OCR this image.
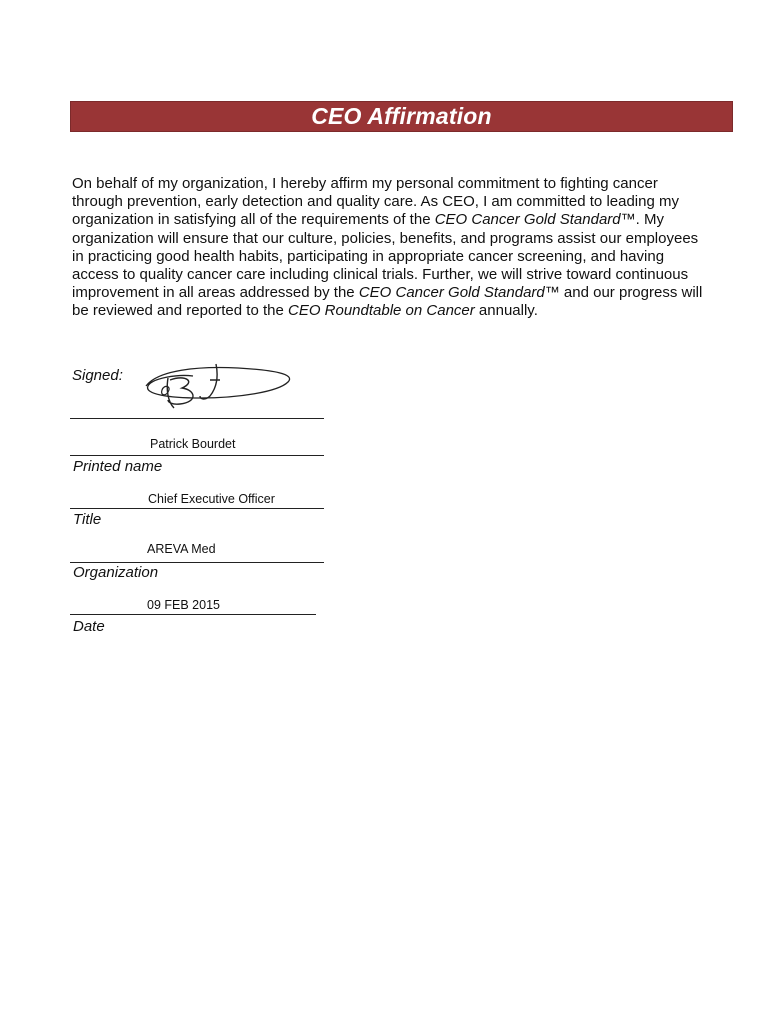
CEO Affirmation

On behalf of my organization, I hereby affirm my personal commitment to fighting cancer through prevention, early detection and quality care. As CEO, I am committed to leading my organization in satisfying all of the requirements of the CEO Cancer Gold Standard™. My organization will ensure that our culture, policies, benefits, and programs assist our employees in practicing good health habits, participating in appropriate cancer screening, and having access to quality cancer care including clinical trials. Further, we will strive toward continuous improvement in all areas addressed by the CEO Cancer Gold Standard™ and our progress will be reviewed and reported to the CEO Roundtable on Cancer annually.

Signed:
Patrick Bourdet
Printed name
Chief Executive Officer
Title
AREVA Med
Organization
09 FEB 2015
Date
